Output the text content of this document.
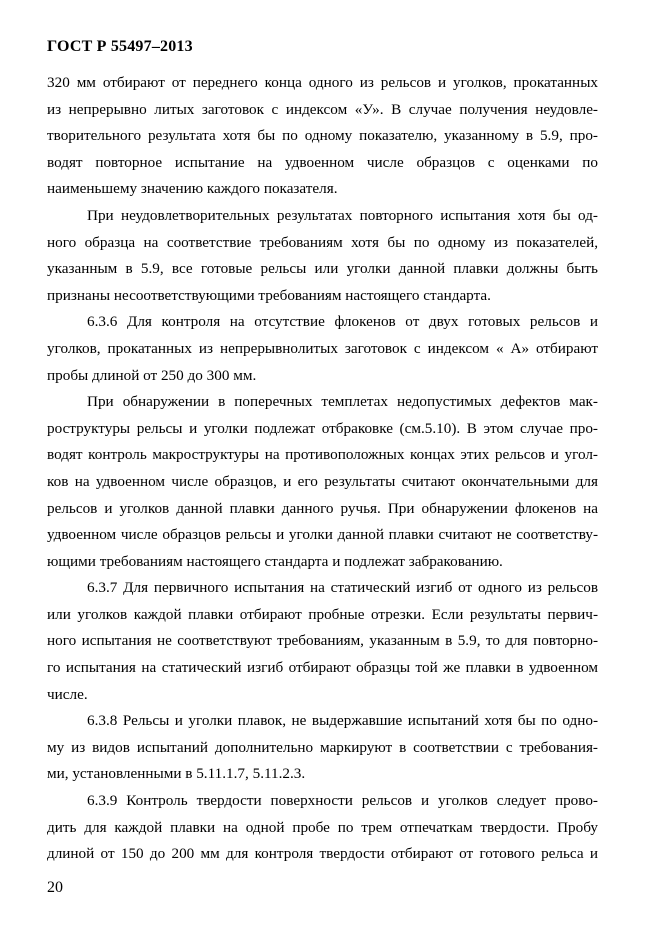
ГОСТ Р 55497–2013
320 мм отбирают от переднего конца одного из рельсов и уголков, прокатанных
из непрерывно литых заготовок с индексом «У». В случае получения неудовле-
творительного результата хотя бы по одному показателю, указанному в 5.9, про-
водят повторное испытание на удвоенном числе образцов с оценками по
наименьшему значению каждого показателя.
При неудовлетворительных результатах повторного испытания хотя бы од-
ного образца на соответствие требованиям хотя бы по одному из показателей,
указанным в 5.9, все готовые рельсы или уголки данной плавки должны быть
признаны несоответствующими требованиям настоящего стандарта.
6.3.6 Для контроля на отсутствие флокенов от двух готовых рельсов и
уголков, прокатанных из непрерывнолитых заготовок с индексом « А» отбирают
пробы длиной от 250 до 300 мм.
При обнаружении в поперечных темплетах недопустимых дефектов мак-
роструктуры рельсы и уголки подлежат отбраковке (см.5.10). В этом случае про-
водят контроль макроструктуры на противоположных концах этих рельсов и угол-
ков на удвоенном числе образцов, и его результаты считают окончательными для
рельсов и уголков данной плавки данного ручья. При обнаружении флокенов на
удвоенном числе образцов рельсы и уголки данной плавки считают не соответству-
ющими требованиям настоящего стандарта и подлежат забракованию.
6.3.7 Для первичного испытания на статический изгиб от одного из рельсов
или уголков каждой плавки отбирают пробные отрезки. Если результаты первич-
ного испытания не соответствуют требованиям, указанным в 5.9, то для повторно-
го испытания на статический изгиб отбирают образцы той же плавки в удвоенном
числе.
6.3.8 Рельсы и уголки плавок, не выдержавшие испытаний хотя бы по одно-
му из видов испытаний дополнительно маркируют в соответствии с требования-
ми, установленными в 5.11.1.7, 5.11.2.3.
6.3.9 Контроль твердости поверхности рельсов и уголков следует прово-
дить для каждой плавки на одной пробе по трем отпечаткам твердости. Пробу
длиной от 150 до 200 мм для контроля твердости отбирают от готового рельса и
20
